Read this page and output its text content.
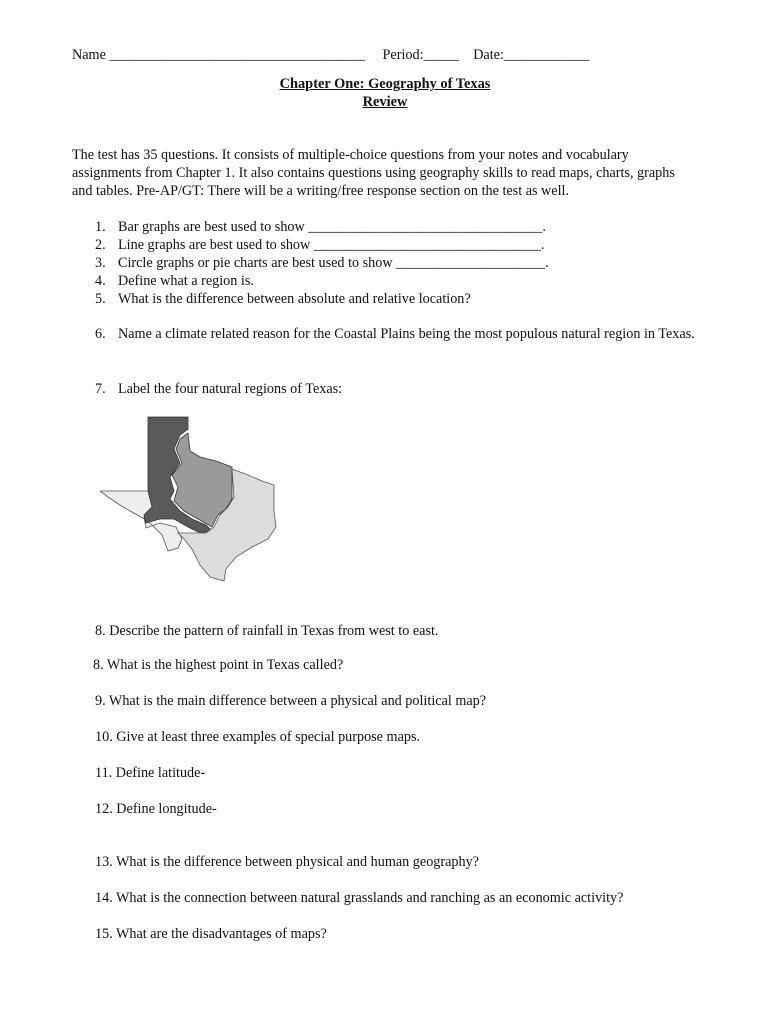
Name ____________________________________ Period:_____ Date:____________
Chapter One: Geography of Texas
Review
The test has 35 questions. It consists of multiple-choice questions from your notes and vocabulary assignments from Chapter 1. It also contains questions using geography skills to read maps, charts, graphs and tables. Pre-AP/GT: There will be a writing/free response section on the test as well.
1. Bar graphs are best used to show _________________________________.
2. Line graphs are best used to show ________________________________.
3. Circle graphs or pie charts are best used to show _____________________.
4. Define what a region is.
5. What is the difference between absolute and relative location?
6. Name a climate related reason for the Coastal Plains being the most populous natural region in Texas.
7. Label the four natural regions of Texas:
8. Describe the pattern of rainfall in Texas from west to east.
8. What is the highest point in Texas called?
9. What is the main difference between a physical and political map?
10. Give at least three examples of special purpose maps.
11. Define latitude-
12. Define longitude-
13. What is the difference between physical and human geography?
14. What is the connection between natural grasslands and ranching as an economic activity?
15. What are the disadvantages of maps?
